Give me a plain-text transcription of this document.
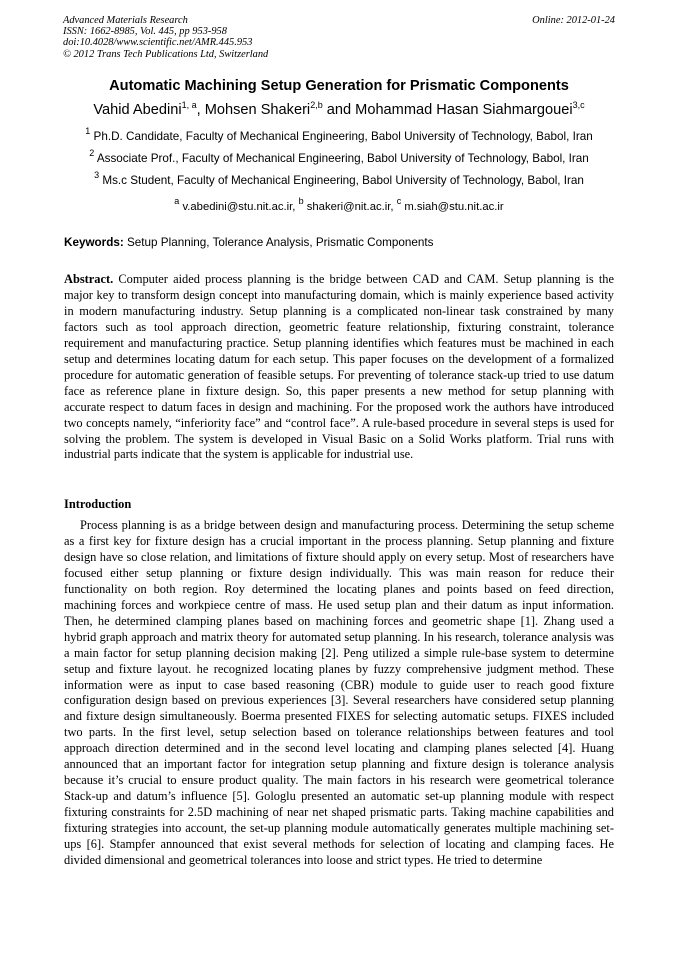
Advanced Materials Research
ISSN: 1662-8985, Vol. 445, pp 953-958
doi:10.4028/www.scientific.net/AMR.445.953
© 2012 Trans Tech Publications Ltd, Switzerland
Online: 2012-01-24
Automatic Machining Setup Generation for Prismatic Components
Vahid Abedini$^{1, a}$, Mohsen Shakeri$^{2,b}$ and Mohammad Hasan Siahmargouei$^{3,c}$
$^1$ Ph.D. Candidate, Faculty of Mechanical Engineering, Babol University of Technology, Babol, Iran
$^2$ Associate Prof., Faculty of Mechanical Engineering, Babol University of Technology, Babol, Iran
$^3$ Ms.c Student, Faculty of Mechanical Engineering, Babol University of Technology, Babol, Iran
$^a$ v.abedini@stu.nit.ac.ir, $^b$ shakeri@nit.ac.ir, $^c$ m.siah@stu.nit.ac.ir
Keywords: Setup Planning, Tolerance Analysis, Prismatic Components
Abstract. Computer aided process planning is the bridge between CAD and CAM. Setup planning is the major key to transform design concept into manufacturing domain, which is mainly experience based activity in modern manufacturing industry. Setup planning is a complicated non-linear task constrained by many factors such as tool approach direction, geometric feature relationship, fixturing constraint, tolerance requirement and manufacturing practice. Setup planning identifies which features must be machined in each setup and determines locating datum for each setup. This paper focuses on the development of a formalized procedure for automatic generation of feasible setups. For preventing of tolerance stack-up tried to use datum face as reference plane in fixture design. So, this paper presents a new method for setup planning with accurate respect to datum faces in design and machining. For the proposed work the authors have introduced two concepts namely, “inferiority face” and “control face”. A rule-based procedure in several steps is used for solving the problem. The system is developed in Visual Basic on a Solid Works platform. Trial runs with industrial parts indicate that the system is applicable for industrial use.
Introduction
Process planning is as a bridge between design and manufacturing process. Determining the setup scheme as a first key for fixture design has a crucial important in the process planning. Setup planning and fixture design have so close relation, and limitations of fixture should apply on every setup. Most of researchers have focused either setup planning or fixture design individually. This was main reason for reduce their functionality on both region. Roy determined the locating planes and points based on feed direction, machining forces and workpiece centre of mass. He used setup plan and their datum as input information. Then, he determined clamping planes based on machining forces and geometric shape [1]. Zhang used a hybrid graph approach and matrix theory for automated setup planning. In his research, tolerance analysis was a main factor for setup planning decision making [2]. Peng utilized a simple rule-base system to determine setup and fixture layout. he recognized locating planes by fuzzy comprehensive judgment method. These information were as input to case based reasoning (CBR) module to guide user to reach good fixture configuration design based on previous experiences [3]. Several researchers have considered setup planning and fixture design simultaneously. Boerma presented FIXES for selecting automatic setups. FIXES included two parts. In the first level, setup selection based on tolerance relationships between features and tool approach direction determined and in the second level locating and clamping planes selected [4]. Huang announced that an important factor for integration setup planning and fixture design is tolerance analysis because it’s crucial to ensure product quality. The main factors in his research were geometrical tolerance Stack-up and datum’s influence [5]. Gologlu presented an automatic set-up planning module with respect fixturing constraints for 2.5D machining of near net shaped prismatic parts. Taking machine capabilities and fixturing strategies into account, the set-up planning module automatically generates multiple machining set-ups [6]. Stampfer announced that exist several methods for selection of locating and clamping faces. He divided dimensional and geometrical tolerances into loose and strict types. He tried to determine
